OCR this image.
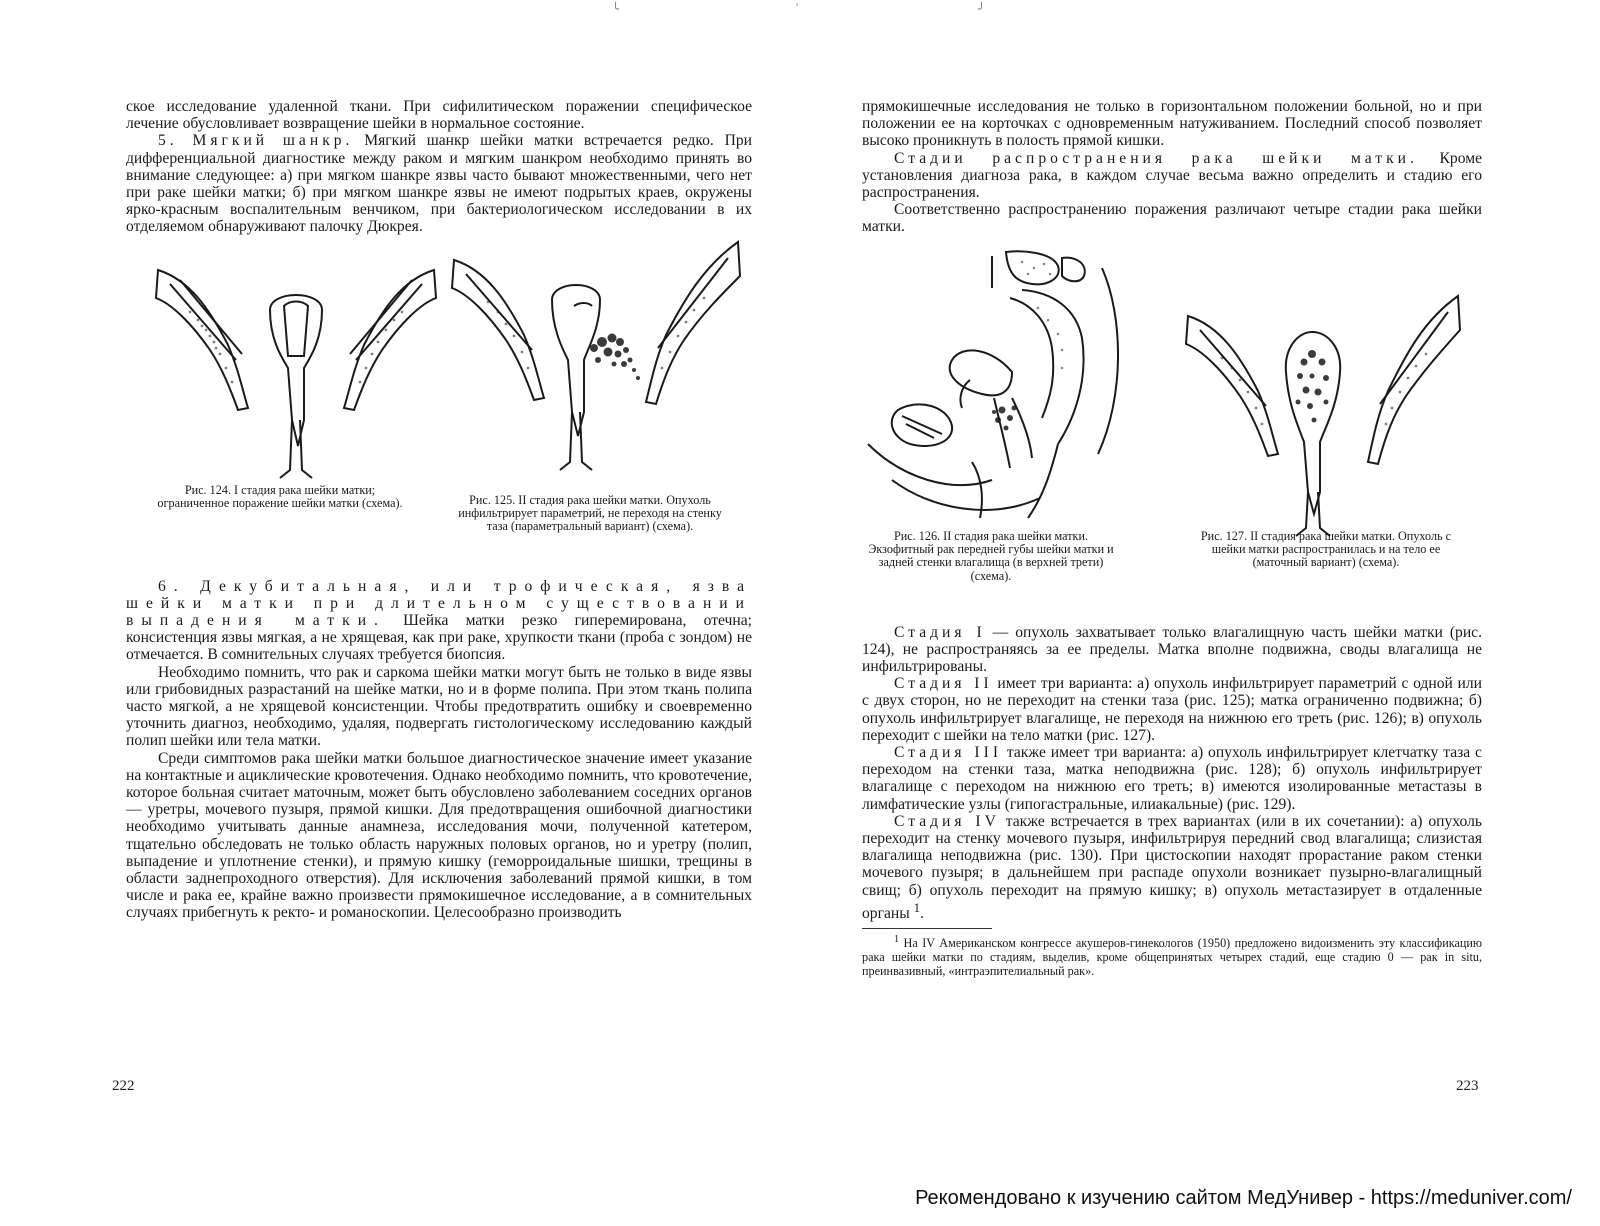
╰	'	╯

ское исследование удаленной ткани. При сифилитическом поражении специфическое лечение обусловливает возвращение шейки в нормальное состояние.

5. Мягкий шанкр. Мягкий шанкр шейки матки встречается редко. При дифференциальной диагностике между раком и мягким шанкром необходимо принять во внимание следующее: а) при мягком шанкре язвы часто бывают множественными, чего нет при раке шейки матки; б) при мягком шанкре язвы не имеют подрытых краев, окружены ярко-красным воспалительным венчиком, при бактериологическом исследовании в их отделяемом обнаруживают палочку Дюкрея.

Рис. 124. I стадия рака шейки матки; ограниченное поражение шейки матки (схема).	Рис. 125. II стадия рака шейки матки. Опухоль инфильтрирует параметрий, не переходя на стенку таза (параметральный вариант) (схема).

6. Декубитальная, или трофическая, язва шейки матки при длительном существовании выпадения матки. Шейка матки резко гиперемирована, отечна; консистенция язвы мягкая, а не хрящевая, как при раке, хрупкости ткани (проба с зондом) не отмечается. В сомнительных случаях требуется биопсия.

Необходимо помнить, что рак и саркома шейки матки могут быть не только в виде язвы или грибовидных разрастаний на шейке матки, но и в форме полипа. При этом ткань полипа часто мягкой, а не хрящевой консистенции. Чтобы предотвратить ошибку и своевременно уточнить диагноз, необходимо, удаляя, подвергать гистологическому исследованию каждый полип шейки или тела матки.

Среди симптомов рака шейки матки большое диагностическое значение имеет указание на контактные и ациклические кровотечения. Однако необходимо помнить, что кровотечение, которое больная считает маточным, может быть обусловлено заболеванием соседних органов — уретры, мочевого пузыря, прямой кишки. Для предотвращения ошибочной диагностики необходимо учитывать данные анамнеза, исследования мочи, полученной катетером, тщательно обследовать не только область наружных половых органов, но и уретру (полип, выпадение и уплотнение стенки), и прямую кишку (геморроидальные шишки, трещины в области заднепроходного отверстия). Для исключения заболеваний прямой кишки, в том числе и рака ее, крайне важно произвести прямокишечное исследование, а в сомнительных случаях прибегнуть к ректо- и романоскопии. Целесообразно производить

222

прямокишечные исследования не только в горизонтальном положении больной, но и при положении ее на корточках с одновременным натуживанием. Последний способ позволяет высоко проникнуть в полость прямой кишки.

Стадии распространения рака шейки матки. Кроме установления диагноза рака, в каждом случае весьма важно определить и стадию его распространения.

Соответственно распространению поражения различают четыре стадии рака шейки матки.

Рис. 126. II стадия рака шейки матки. Экзофитный рак передней губы шейки матки и задней стенки влагалища (в верхней трети) (схема).
Рис. 127. II стадия рака шейки матки. Опухоль с шейки матки распространилась и на тело ее (маточный вариант) (схема).

Стадия I — опухоль захватывает только влагалищную часть шейки матки (рис. 124), не распространяясь за ее пределы. Матка вполне подвижна, своды влагалища не инфильтрированы.

Стадия II имеет три варианта: а) опухоль инфильтрирует параметрий с одной или с двух сторон, но не переходит на стенки таза (рис. 125); матка ограниченно подвижна; б) опухоль инфильтрирует влагалище, не переходя на нижнюю его треть (рис. 126); в) опухоль переходит с шейки на тело матки (рис. 127).

Стадия III также имеет три варианта: а) опухоль инфильтрирует клетчатку таза с переходом на стенки таза, матка неподвижна (рис. 128); б) опухоль инфильтрирует влагалище с переходом на нижнюю его треть; в) имеются изолированные метастазы в лимфатические узлы (гипогастральные, илиакальные) (рис. 129).

Стадия IV также встречается в трех вариантах (или в их сочетании): а) опухоль переходит на стенку мочевого пузыря, инфильтрируя передний свод влагалища; слизистая влагалища неподвижна (рис. 130). При цистоскопии находят прорастание раком стенки мочевого пузыря; в дальнейшем при распаде опухоли возникает пузырно-влагалищный свищ; б) опухоль переходит на прямую кишку; в) опухоль метастазирует в отдаленные органы $^1$.

$^1$ На IV Американском конгрессе акушеров-гинекологов (1950) предложено видоизменить эту классификацию рака шейки матки по стадиям, выделив, кроме общепринятых четырех стадий, еще стадию 0 — рак in situ, преинвазивный, «интраэпителиальный рак».

223
Рекомендовано к изучению сайтом МедУнивер - https://meduniver.com/
